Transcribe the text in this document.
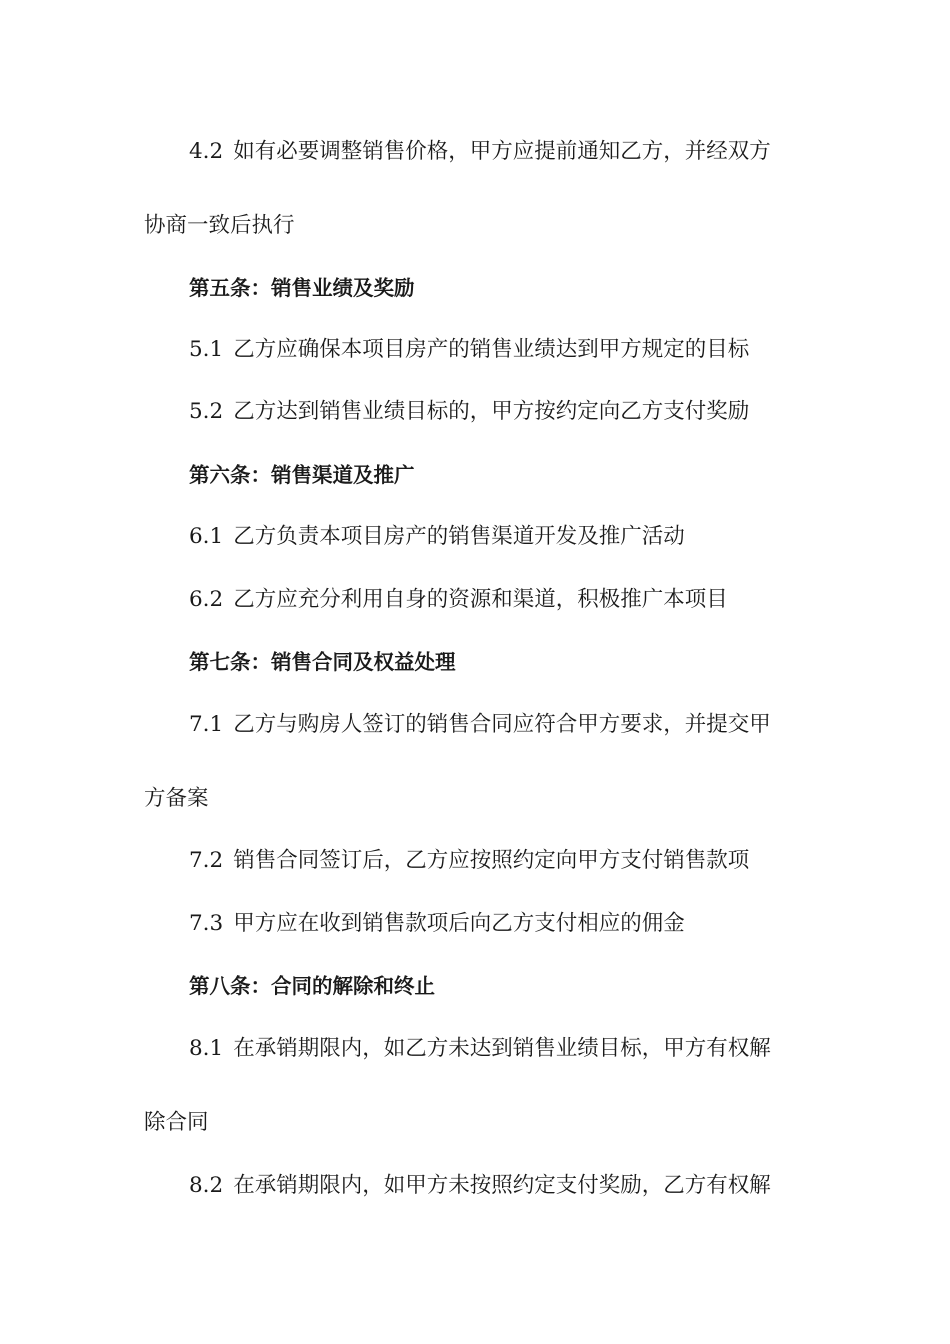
4.2 如有必要调整销售价格，甲方应提前通知乙方，并经双方
协商一致后执行
第五条：销售业绩及奖励
5.1 乙方应确保本项目房产的销售业绩达到甲方规定的目标
5.2 乙方达到销售业绩目标的，甲方按约定向乙方支付奖励
第六条：销售渠道及推广
6.1 乙方负责本项目房产的销售渠道开发及推广活动
6.2 乙方应充分利用自身的资源和渠道，积极推广本项目
第七条：销售合同及权益处理
7.1 乙方与购房人签订的销售合同应符合甲方要求，并提交甲
方备案
7.2 销售合同签订后，乙方应按照约定向甲方支付销售款项
7.3 甲方应在收到销售款项后向乙方支付相应的佣金
第八条：合同的解除和终止
8.1 在承销期限内，如乙方未达到销售业绩目标，甲方有权解
除合同
8.2 在承销期限内，如甲方未按照约定支付奖励，乙方有权解
